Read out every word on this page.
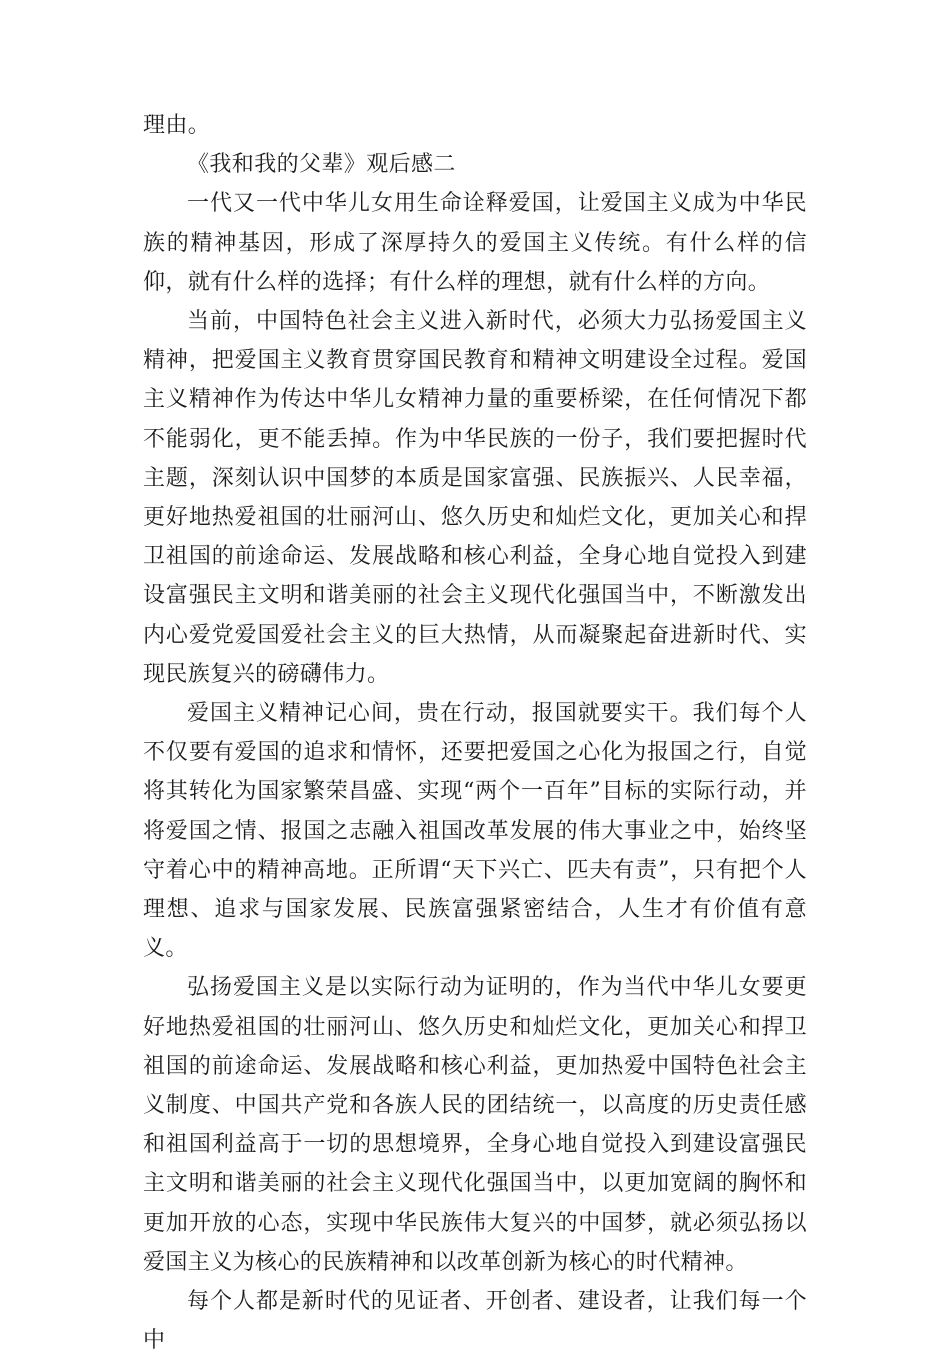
理由。

《我和我的父辈》观后感二

一代又一代中华儿女用生命诠释爱国，让爱国主义成为中华民族的精神基因，形成了深厚持久的爱国主义传统。有什么样的信仰，就有什么样的选择；有什么样的理想，就有什么样的方向。

当前，中国特色社会主义进入新时代，必须大力弘扬爱国主义精神，把爱国主义教育贯穿国民教育和精神文明建设全过程。爱国主义精神作为传达中华儿女精神力量的重要桥梁，在任何情况下都不能弱化，更不能丢掉。作为中华民族的一份子，我们要把握时代主题，深刻认识中国梦的本质是国家富强、民族振兴、人民幸福，更好地热爱祖国的壮丽河山、悠久历史和灿烂文化，更加关心和捍卫祖国的前途命运、发展战略和核心利益，全身心地自觉投入到建设富强民主文明和谐美丽的社会主义现代化强国当中，不断激发出内心爱党爱国爱社会主义的巨大热情，从而凝聚起奋进新时代、实现民族复兴的磅礴伟力。

爱国主义精神记心间，贵在行动，报国就要实干。我们每个人不仅要有爱国的追求和情怀，还要把爱国之心化为报国之行，自觉将其转化为国家繁荣昌盛、实现“两个一百年”目标的实际行动，并将爱国之情、报国之志融入祖国改革发展的伟大事业之中，始终坚守着心中的精神高地。正所谓“天下兴亡、匹夫有责”，只有把个人理想、追求与国家发展、民族富强紧密结合，人生才有价值有意义。

弘扬爱国主义是以实际行动为证明的，作为当代中华儿女要更好地热爱祖国的壮丽河山、悠久历史和灿烂文化，更加关心和捍卫祖国的前途命运、发展战略和核心利益，更加热爱中国特色社会主义制度、中国共产党和各族人民的团结统一，以高度的历史责任感和祖国利益高于一切的思想境界，全身心地自觉投入到建设富强民主文明和谐美丽的社会主义现代化强国当中，以更加宽阔的胸怀和更加开放的心态，实现中华民族伟大复兴的中国梦，就必须弘扬以爱国主义为核心的民族精神和以改革创新为核心的时代精神。

每个人都是新时代的见证者、开创者、建设者，让我们每一个中
